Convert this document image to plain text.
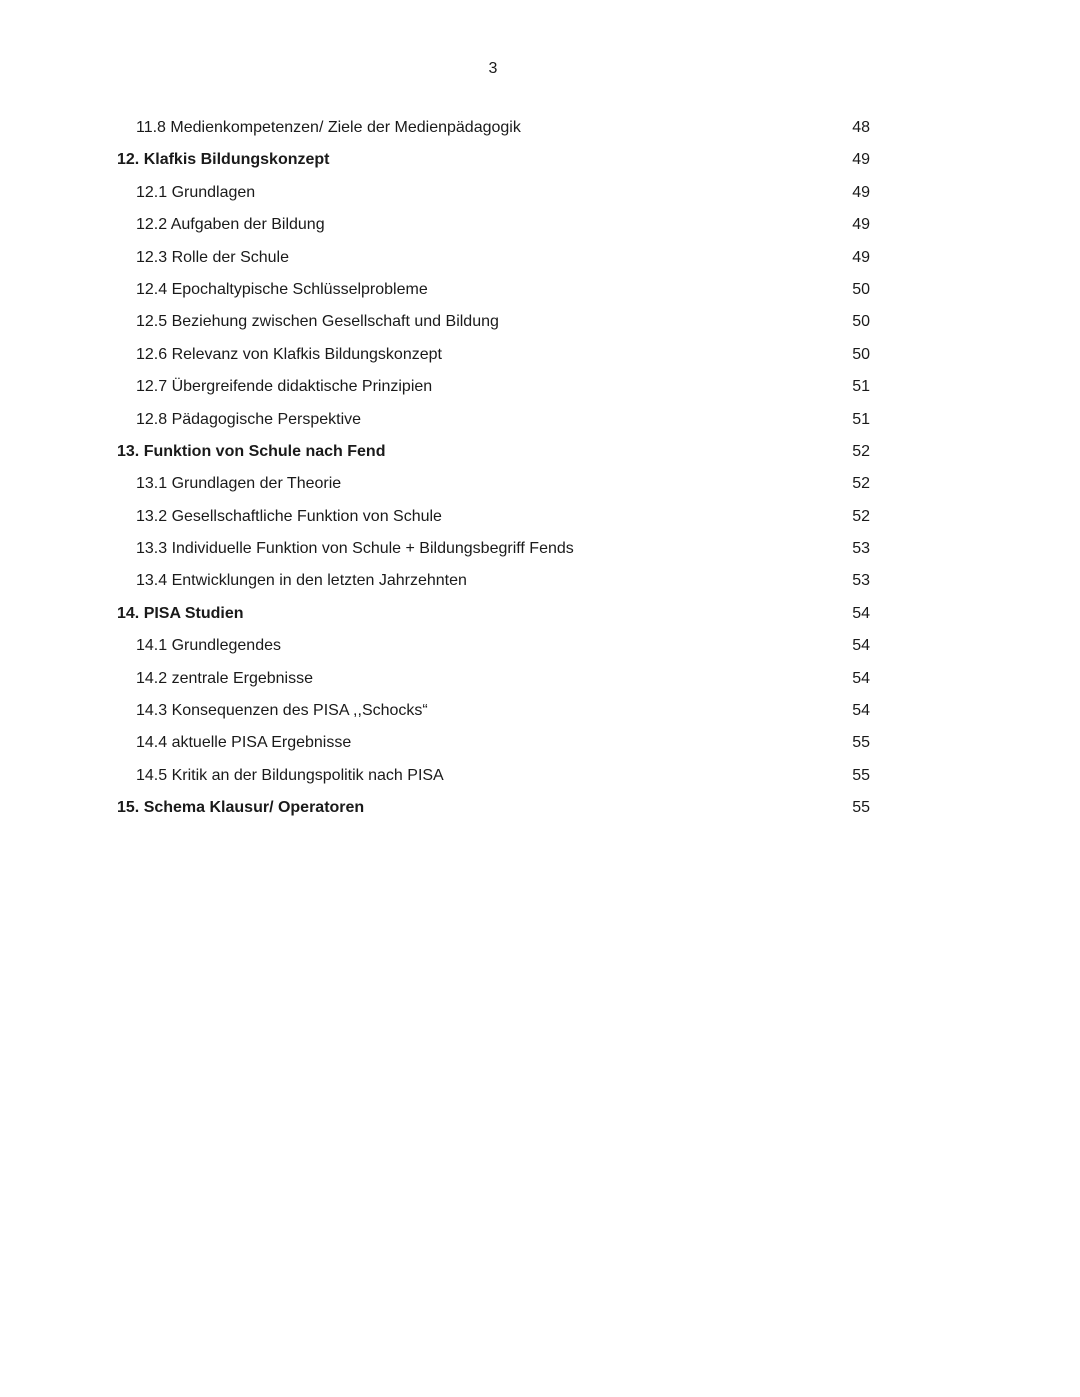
3
11.8 Medienkompetenzen/ Ziele der Medienpädagogik	48
12. Klafkis Bildungskonzept	49
12.1 Grundlagen	49
12.2 Aufgaben der Bildung	49
12.3 Rolle der Schule	49
12.4 Epochaltypische Schlüsselprobleme	50
12.5 Beziehung zwischen Gesellschaft und Bildung	50
12.6 Relevanz von Klafkis Bildungskonzept	50
12.7 Übergreifende didaktische Prinzipien	51
12.8 Pädagogische Perspektive	51
13. Funktion von Schule nach Fend	52
13.1 Grundlagen der Theorie	52
13.2 Gesellschaftliche Funktion von Schule	52
13.3 Individuelle Funktion von Schule + Bildungsbegriff Fends	53
13.4 Entwicklungen in den letzten Jahrzehnten	53
14. PISA Studien	54
14.1 Grundlegendes	54
14.2 zentrale Ergebnisse	54
14.3 Konsequenzen des PISA ,,Schocks“	54
14.4 aktuelle PISA Ergebnisse	55
14.5 Kritik an der Bildungspolitik nach PISA	55
15. Schema Klausur/ Operatoren	55
